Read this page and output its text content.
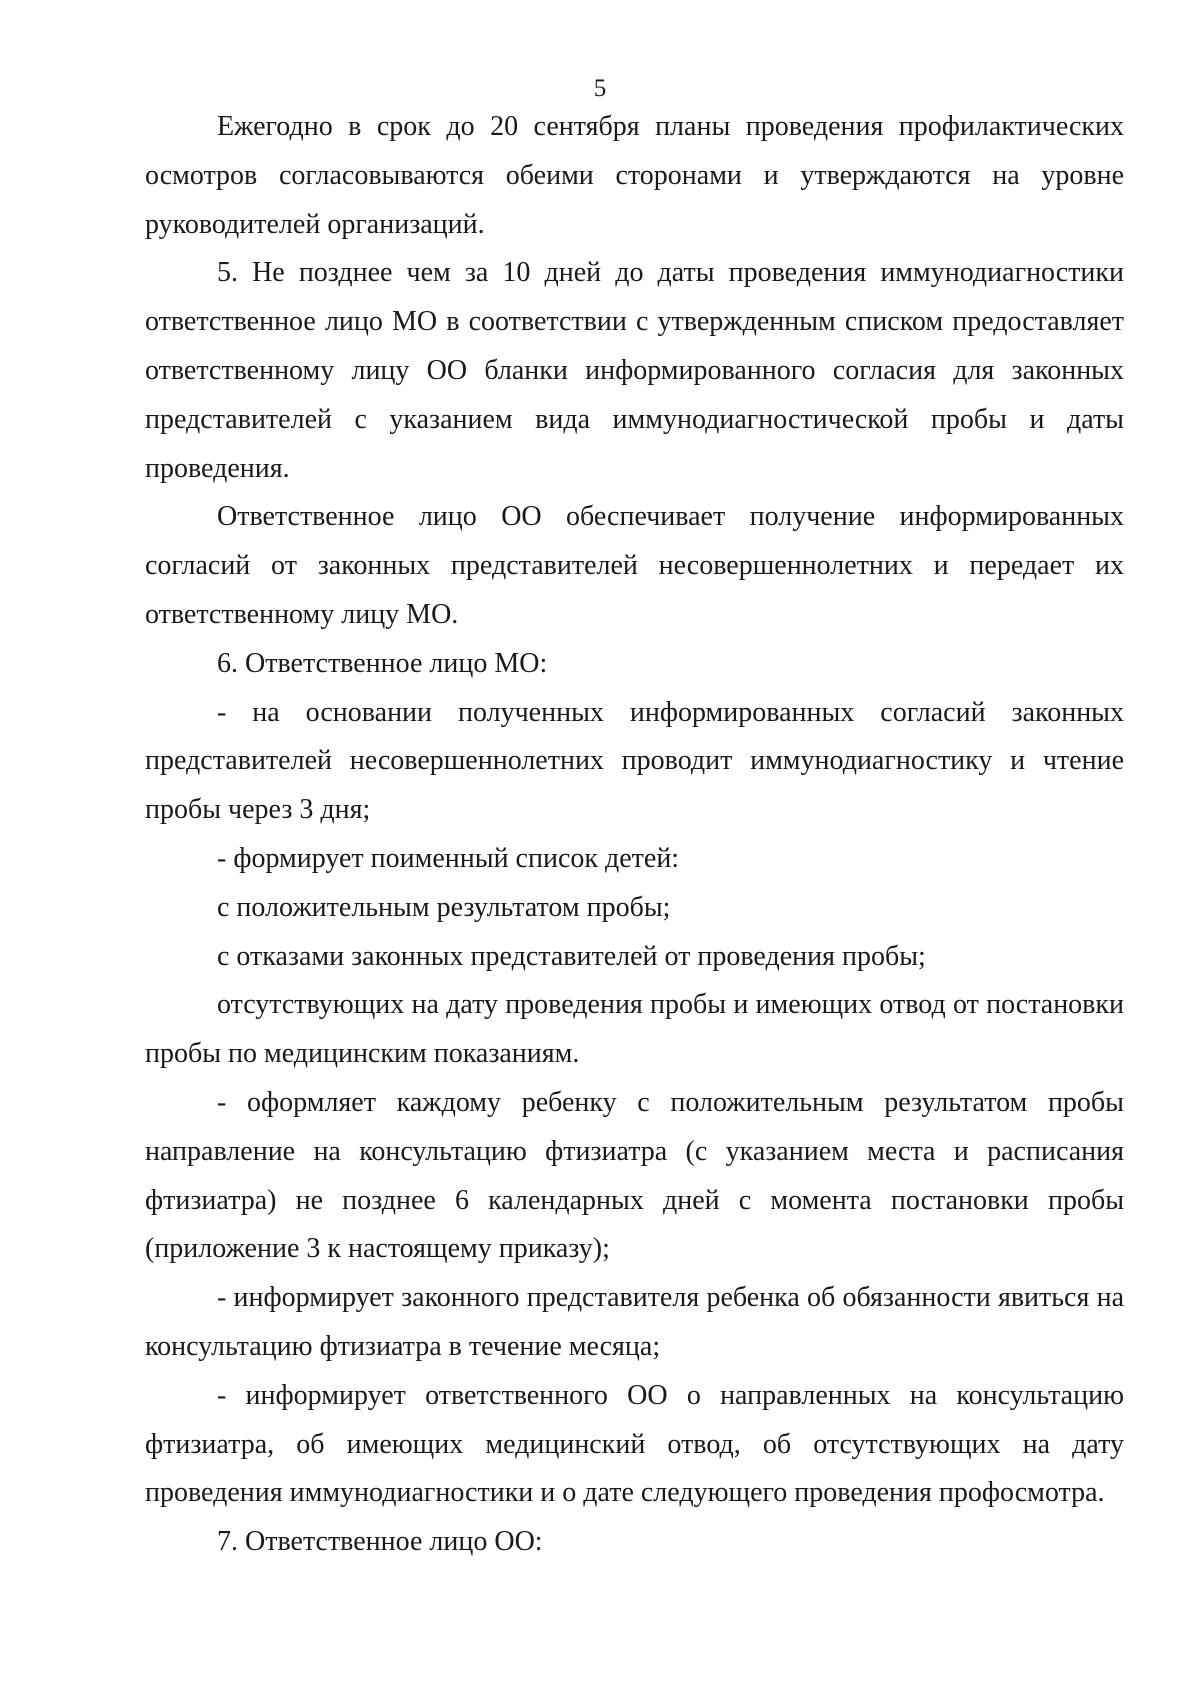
5

Ежегодно в срок до 20 сентября планы проведения профилактических осмотров согласовываются обеими сторонами и утверждаются на уровне руководителей организаций.

5. Не позднее чем за 10 дней до даты проведения иммунодиагностики ответственное лицо МО в соответствии с утвержденным списком предоставляет ответственному лицу ОО бланки информированного согласия для законных представителей с указанием вида иммунодиагностической пробы и даты проведения.

Ответственное лицо ОО обеспечивает получение информированных согласий от законных представителей несовершеннолетних и передает их ответственному лицу МО.

6. Ответственное лицо МО:

- на основании полученных информированных согласий законных представителей несовершеннолетних проводит иммунодиагностику и чтение пробы через 3 дня;

- формирует поименный список детей:

с положительным результатом пробы;

с отказами законных представителей от проведения пробы;

отсутствующих на дату проведения пробы и имеющих отвод от постановки пробы по медицинским показаниям.

- оформляет каждому ребенку с положительным результатом пробы направление на консультацию фтизиатра (с указанием места и расписания фтизиатра) не позднее 6 календарных дней с момента постановки пробы (приложение 3 к настоящему приказу);

- информирует законного представителя ребенка об обязанности явиться на консультацию фтизиатра в течение месяца;

- информирует ответственного ОО о направленных на консультацию фтизиатра, об имеющих медицинский отвод, об отсутствующих на дату проведения иммунодиагностики и о дате следующего проведения профосмотра.

7. Ответственное лицо ОО:
